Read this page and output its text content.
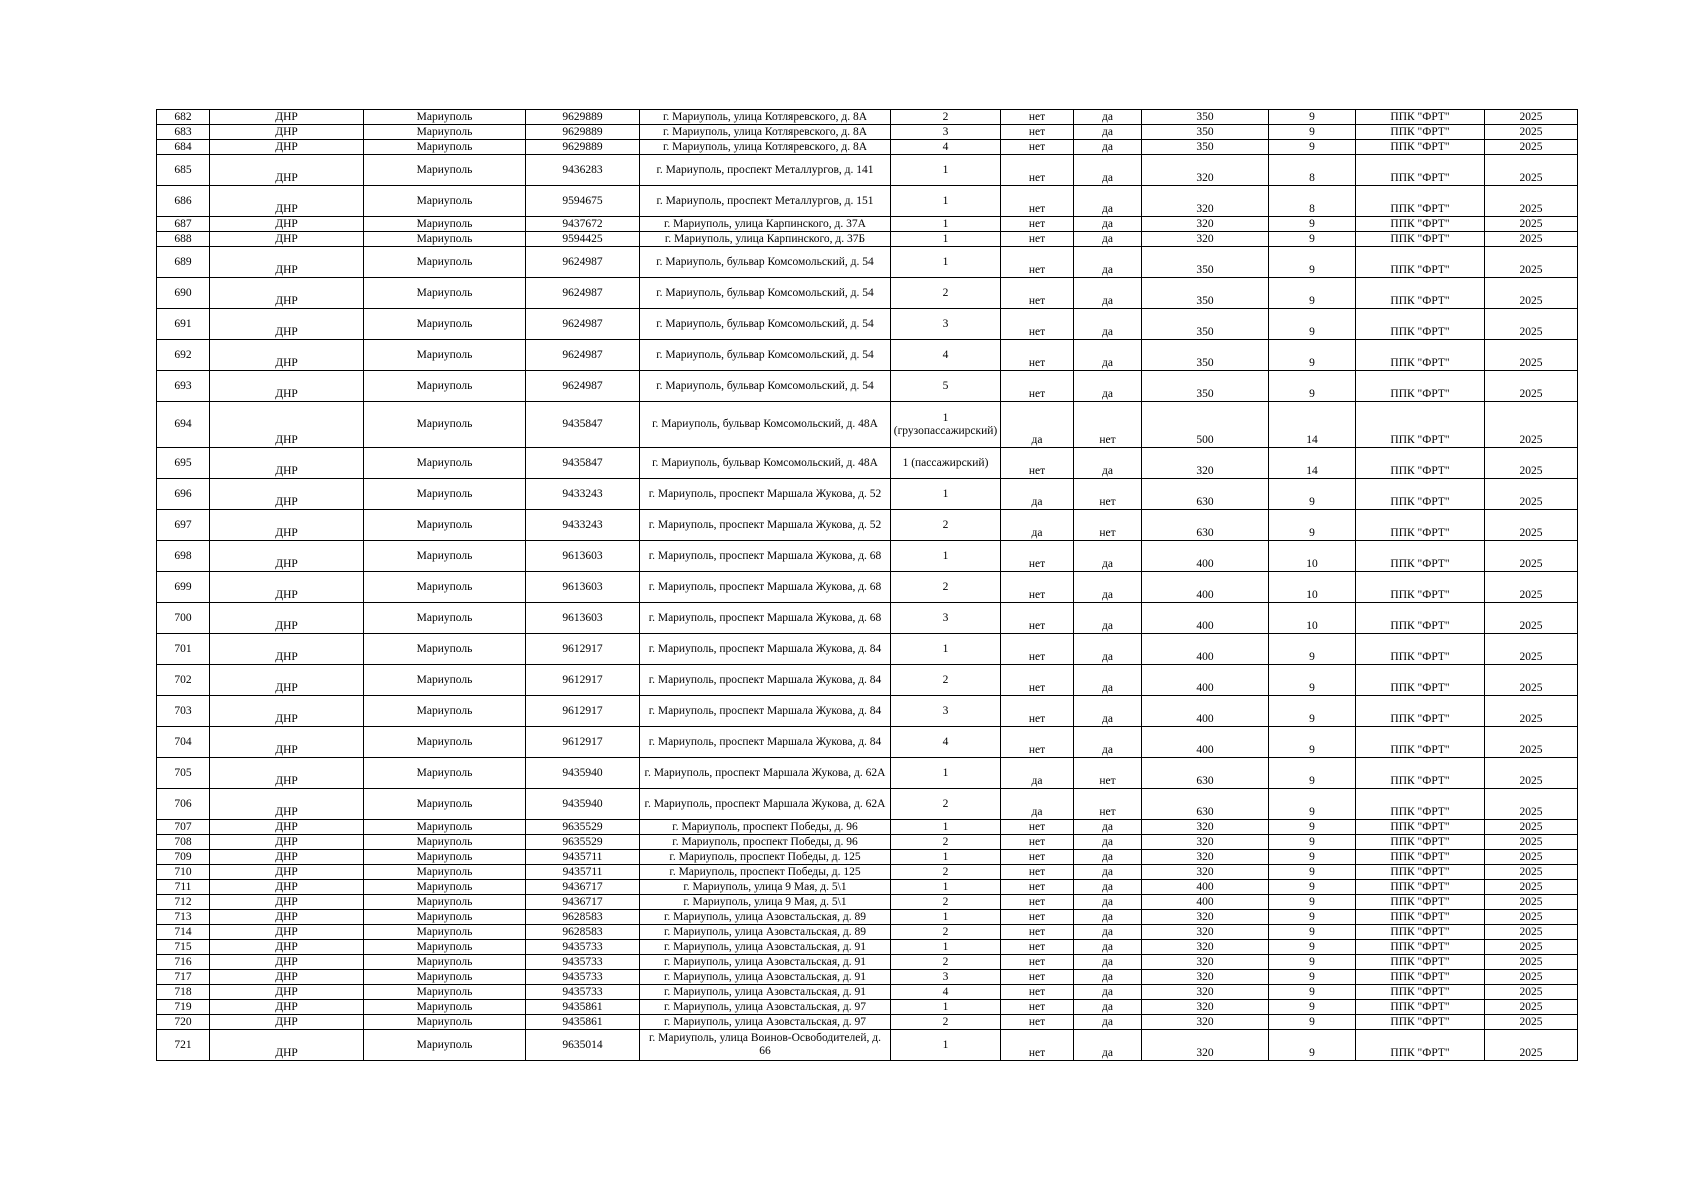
682	ДНР	Мариуполь	9629889	г. Мариуполь, улица Котляревского, д. 8А	2	нет	да	350	9	ППК "ФРТ"	2025
683	ДНР	Мариуполь	9629889	г. Мариуполь, улица Котляревского, д. 8А	3	нет	да	350	9	ППК "ФРТ"	2025
684	ДНР	Мариуполь	9629889	г. Мариуполь, улица Котляревского, д. 8А	4	нет	да	350	9	ППК "ФРТ"	2025
685	ДНР	Мариуполь	9436283	г. Мариуполь, проспект Металлургов, д. 141	1	нет	да	320	8	ППК "ФРТ"	2025
686	ДНР	Мариуполь	9594675	г. Мариуполь, проспект Металлургов, д. 151	1	нет	да	320	8	ППК "ФРТ"	2025
687	ДНР	Мариуполь	9437672	г. Мариуполь, улица Карпинского, д. 37А	1	нет	да	320	9	ППК "ФРТ"	2025
688	ДНР	Мариуполь	9594425	г. Мариуполь, улица Карпинского, д. 37Б	1	нет	да	320	9	ППК "ФРТ"	2025
689	ДНР	Мариуполь	9624987	г. Мариуполь, бульвар Комсомольский, д. 54	1	нет	да	350	9	ППК "ФРТ"	2025
690	ДНР	Мариуполь	9624987	г. Мариуполь, бульвар Комсомольский, д. 54	2	нет	да	350	9	ППК "ФРТ"	2025
691	ДНР	Мариуполь	9624987	г. Мариуполь, бульвар Комсомольский, д. 54	3	нет	да	350	9	ППК "ФРТ"	2025
692	ДНР	Мариуполь	9624987	г. Мариуполь, бульвар Комсомольский, д. 54	4	нет	да	350	9	ППК "ФРТ"	2025
693	ДНР	Мариуполь	9624987	г. Мариуполь, бульвар Комсомольский, д. 54	5	нет	да	350	9	ППК "ФРТ"	2025
694	ДНР	Мариуполь	9435847	г. Мариуполь, бульвар Комсомольский, д. 48А	1 (грузопассажирский)	да	нет	500	14	ППК "ФРТ"	2025
695	ДНР	Мариуполь	9435847	г. Мариуполь, бульвар Комсомольский, д. 48А	1 (пассажирский)	нет	да	320	14	ППК "ФРТ"	2025
696	ДНР	Мариуполь	9433243	г. Мариуполь, проспект Маршала Жукова, д. 52	1	да	нет	630	9	ППК "ФРТ"	2025
697	ДНР	Мариуполь	9433243	г. Мариуполь, проспект Маршала Жукова, д. 52	2	да	нет	630	9	ППК "ФРТ"	2025
698	ДНР	Мариуполь	9613603	г. Мариуполь, проспект Маршала Жукова, д. 68	1	нет	да	400	10	ППК "ФРТ"	2025
699	ДНР	Мариуполь	9613603	г. Мариуполь, проспект Маршала Жукова, д. 68	2	нет	да	400	10	ППК "ФРТ"	2025
700	ДНР	Мариуполь	9613603	г. Мариуполь, проспект Маршала Жукова, д. 68	3	нет	да	400	10	ППК "ФРТ"	2025
701	ДНР	Мариуполь	9612917	г. Мариуполь, проспект Маршала Жукова, д. 84	1	нет	да	400	9	ППК "ФРТ"	2025
702	ДНР	Мариуполь	9612917	г. Мариуполь, проспект Маршала Жукова, д. 84	2	нет	да	400	9	ППК "ФРТ"	2025
703	ДНР	Мариуполь	9612917	г. Мариуполь, проспект Маршала Жукова, д. 84	3	нет	да	400	9	ППК "ФРТ"	2025
704	ДНР	Мариуполь	9612917	г. Мариуполь, проспект Маршала Жукова, д. 84	4	нет	да	400	9	ППК "ФРТ"	2025
705	ДНР	Мариуполь	9435940	г. Мариуполь, проспект Маршала Жукова, д. 62А	1	да	нет	630	9	ППК "ФРТ"	2025
706	ДНР	Мариуполь	9435940	г. Мариуполь, проспект Маршала Жукова, д. 62А	2	да	нет	630	9	ППК "ФРТ"	2025
707	ДНР	Мариуполь	9635529	г. Мариуполь, проспект Победы, д. 96	1	нет	да	320	9	ППК "ФРТ"	2025
708	ДНР	Мариуполь	9635529	г. Мариуполь, проспект Победы, д. 96	2	нет	да	320	9	ППК "ФРТ"	2025
709	ДНР	Мариуполь	9435711	г. Мариуполь, проспект Победы, д. 125	1	нет	да	320	9	ППК "ФРТ"	2025
710	ДНР	Мариуполь	9435711	г. Мариуполь, проспект Победы, д. 125	2	нет	да	320	9	ППК "ФРТ"	2025
711	ДНР	Мариуполь	9436717	г. Мариуполь, улица 9 Мая, д. 5\1	1	нет	да	400	9	ППК "ФРТ"	2025
712	ДНР	Мариуполь	9436717	г. Мариуполь, улица 9 Мая, д. 5\1	2	нет	да	400	9	ППК "ФРТ"	2025
713	ДНР	Мариуполь	9628583	г. Мариуполь, улица Азовстальская, д. 89	1	нет	да	320	9	ППК "ФРТ"	2025
714	ДНР	Мариуполь	9628583	г. Мариуполь, улица Азовстальская, д. 89	2	нет	да	320	9	ППК "ФРТ"	2025
715	ДНР	Мариуполь	9435733	г. Мариуполь, улица Азовстальская, д. 91	1	нет	да	320	9	ППК "ФРТ"	2025
716	ДНР	Мариуполь	9435733	г. Мариуполь, улица Азовстальская, д. 91	2	нет	да	320	9	ППК "ФРТ"	2025
717	ДНР	Мариуполь	9435733	г. Мариуполь, улица Азовстальская, д. 91	3	нет	да	320	9	ППК "ФРТ"	2025
718	ДНР	Мариуполь	9435733	г. Мариуполь, улица Азовстальская, д. 91	4	нет	да	320	9	ППК "ФРТ"	2025
719	ДНР	Мариуполь	9435861	г. Мариуполь, улица Азовстальская, д. 97	1	нет	да	320	9	ППК "ФРТ"	2025
720	ДНР	Мариуполь	9435861	г. Мариуполь, улица Азовстальская, д. 97	2	нет	да	320	9	ППК "ФРТ"	2025
721	ДНР	Мариуполь	9635014	г. Мариуполь, улица Воинов-Освободителей, д. 66	1	нет	да	320	9	ППК "ФРТ"	2025
